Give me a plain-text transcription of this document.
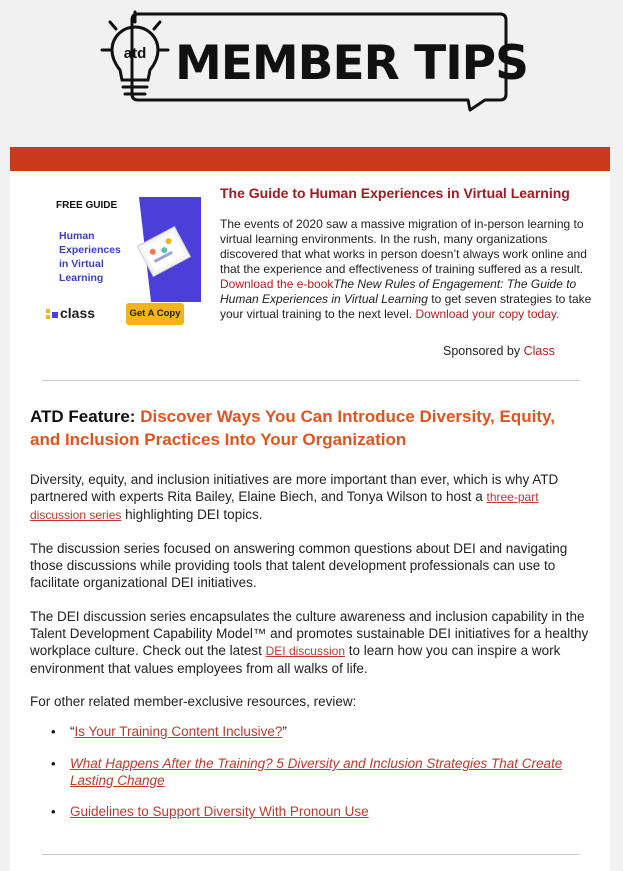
atd MEMBER TIPS
FREE GUIDE
Human Experiences in Virtual Learning
class	Get A Copy
The Guide to Human Experiences in Virtual Learning
The events of 2020 saw a massive migration of in-person learning to virtual learning environments. In the rush, many organizations discovered that what works in person doesn’t always work online and that the experience and effectiveness of training suffered as a result. Download the e-bookThe New Rules of Engagement: The Guide to Human Experiences in Virtual Learning to get seven strategies to take your virtual training to the next level. Download your copy today.
Sponsored by Class
ATD Feature: Discover Ways You Can Introduce Diversity, Equity, and Inclusion Practices Into Your Organization
Diversity, equity, and inclusion initiatives are more important than ever, which is why ATD partnered with experts Rita Bailey, Elaine Biech, and Tonya Wilson to host a three-part discussion series highlighting DEI topics.
The discussion series focused on answering common questions about DEI and navigating those discussions while providing tools that talent development professionals can use to facilitate organizational DEI initiatives.
The DEI discussion series encapsulates the culture awareness and inclusion capability in the Talent Development Capability Model™ and promotes sustainable DEI initiatives for a healthy workplace culture. Check out the latest DEI discussion to learn how you can inspire a work environment that values employees from all walks of life.
For other related member-exclusive resources, review:
• “Is Your Training Content Inclusive?”
• What Happens After the Training? 5 Diversity and Inclusion Strategies That Create Lasting Change
• Guidelines to Support Diversity With Pronoun Use
